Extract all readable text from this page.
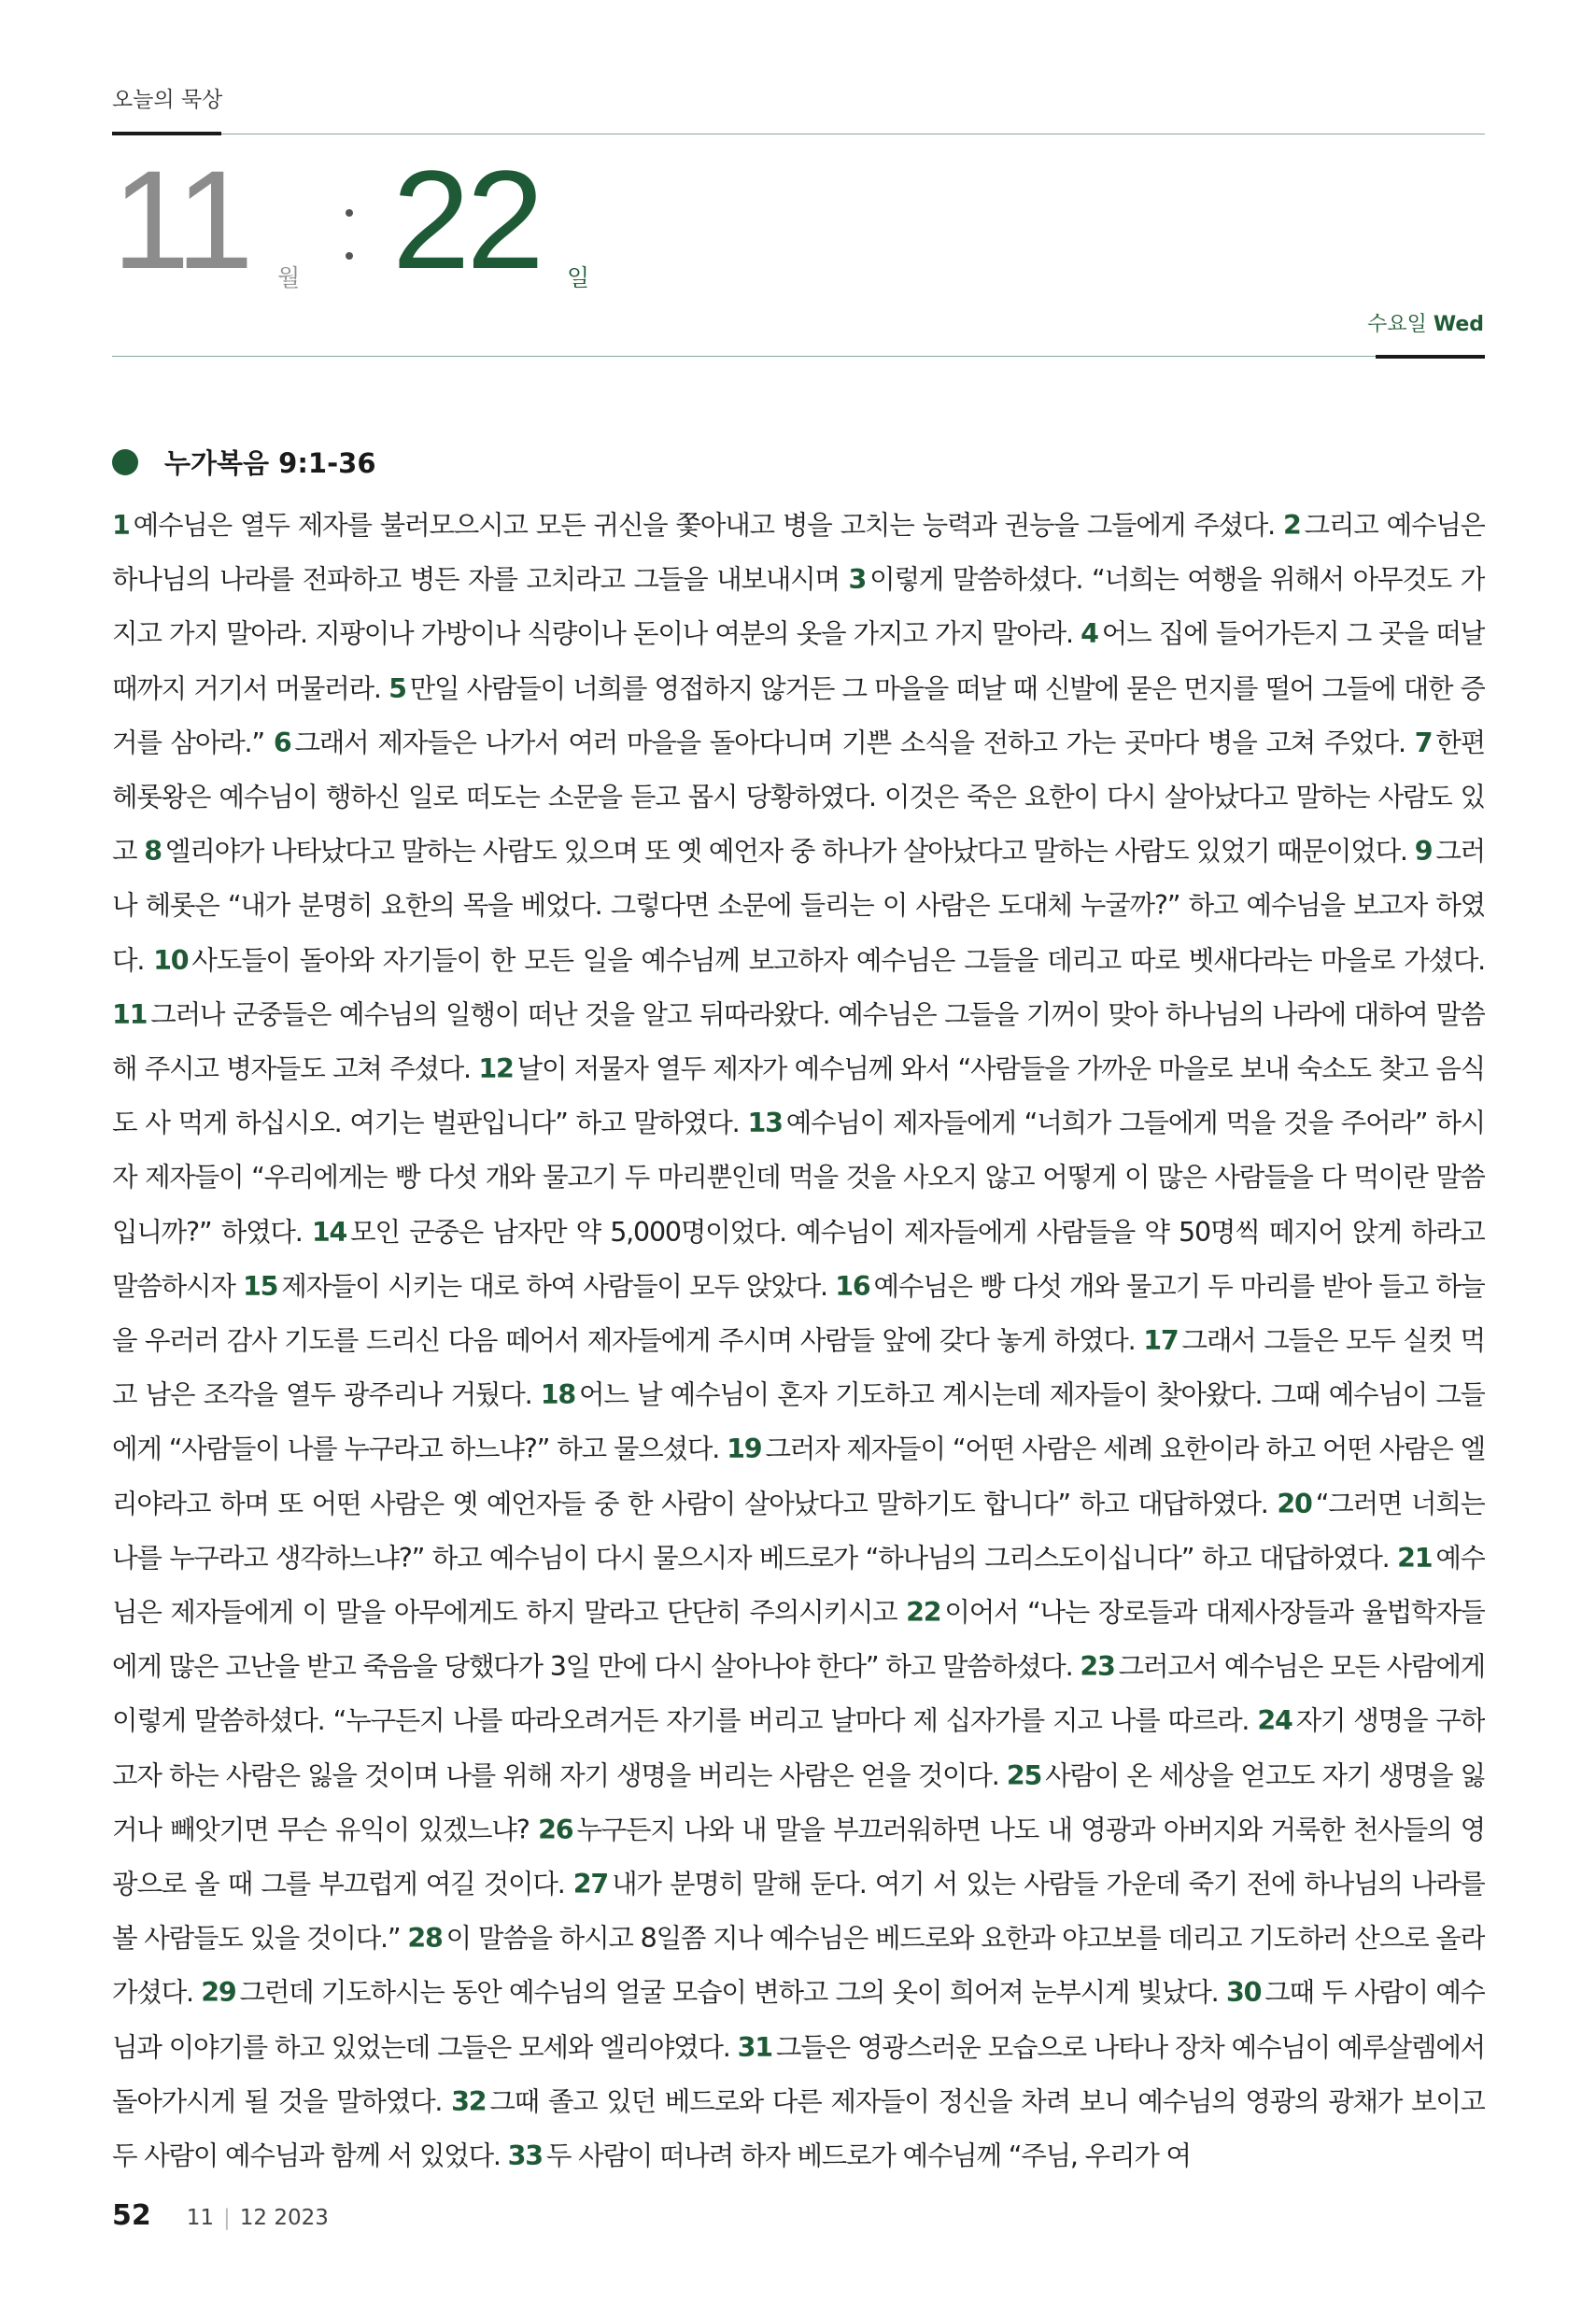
오늘의 묵상
11 월 22 일
수요일 Wed
누가복음 9:1-36
1 예수님은 열두 제자를 불러모으시고 모든 귀신을 쫓아내고 병을 고치는 능력과 권능을 그들에게 주셨다. 2 그리고 예수님은 하나님의 나라를 전파하고 병든 자를 고치라고 그들을 내보내시며 3 이렇게 말씀하셨다. “너희는 여행을 위해서 아무것도 가지고 가지 말아라. 지팡이나 가방이나 식량이나 돈이나 여분의 옷을 가지고 가지 말아라. 4 어느 집에 들어가든지 그 곳을 떠날 때까지 거기서 머물러라. 5 만일 사람들이 너희를 영접하지 않거든 그 마을을 떠날 때 신발에 묻은 먼지를 떨어 그들에 대한 증거를 삼아라.” 6 그래서 제자들은 나가서 여러 마을을 돌아다니며 기쁜 소식을 전하고 가는 곳마다 병을 고쳐 주었다. 7 한편 헤롯왕은 예수님이 행하신 일로 떠도는 소문을 듣고 몹시 당황하였다. 이것은 죽은 요한이 다시 살아났다고 말하는 사람도 있고 8 엘리야가 나타났다고 말하는 사람도 있으며 또 옛 예언자 중 하나가 살아났다고 말하는 사람도 있었기 때문이었다. 9 그러나 헤롯은 “내가 분명히 요한의 목을 베었다. 그렇다면 소문에 들리는 이 사람은 도대체 누굴까?” 하고 예수님을 보고자 하였다. 10 사도들이 돌아와 자기들이 한 모든 일을 예수님께 보고하자 예수님은 그들을 데리고 따로 벳새다라는 마을로 가셨다. 11 그러나 군중들은 예수님의 일행이 떠난 것을 알고 뒤따라왔다. 예수님은 그들을 기꺼이 맞아 하나님의 나라에 대하여 말씀해 주시고 병자들도 고쳐 주셨다. 12 날이 저물자 열두 제자가 예수님께 와서 “사람들을 가까운 마을로 보내 숙소도 찾고 음식도 사 먹게 하십시오. 여기는 벌판입니다” 하고 말하였다. 13 예수님이 제자들에게 “너희가 그들에게 먹을 것을 주어라” 하시자 제자들이 “우리에게는 빵 다섯 개와 물고기 두 마리뿐인데 먹을 것을 사오지 않고 어떻게 이 많은 사람들을 다 먹이란 말씀입니까?” 하였다. 14 모인 군중은 남자만 약 5,000명이었다. 예수님이 제자들에게 사람들을 약 50명씩 떼지어 앉게 하라고 말씀하시자 15 제자들이 시키는 대로 하여 사람들이 모두 앉았다. 16 예수님은 빵 다섯 개와 물고기 두 마리를 받아 들고 하늘을 우러러 감사 기도를 드리신 다음 떼어서 제자들에게 주시며 사람들 앞에 갖다 놓게 하였다. 17 그래서 그들은 모두 실컷 먹고 남은 조각을 열두 광주리나 거뒀다. 18 어느 날 예수님이 혼자 기도하고 계시는데 제자들이 찾아왔다. 그때 예수님이 그들에게 “사람들이 나를 누구라고 하느냐?” 하고 물으셨다. 19 그러자 제자들이 “어떤 사람은 세례 요한이라 하고 어떤 사람은 엘리야라고 하며 또 어떤 사람은 옛 예언자들 중 한 사람이 살아났다고 말하기도 합니다” 하고 대답하였다. 20 “그러면 너희는 나를 누구라고 생각하느냐?” 하고 예수님이 다시 물으시자 베드로가 “하나님의 그리스도이십니다” 하고 대답하였다. 21 예수님은 제자들에게 이 말을 아무에게도 하지 말라고 단단히 주의시키시고 22 이어서 “나는 장로들과 대제사장들과 율법학자들에게 많은 고난을 받고 죽음을 당했다가 3일 만에 다시 살아나야 한다” 하고 말씀하셨다. 23 그러고서 예수님은 모든 사람에게 이렇게 말씀하셨다. “누구든지 나를 따라오려거든 자기를 버리고 날마다 제 십자가를 지고 나를 따르라. 24 자기 생명을 구하고자 하는 사람은 잃을 것이며 나를 위해 자기 생명을 버리는 사람은 얻을 것이다. 25 사람이 온 세상을 얻고도 자기 생명을 잃거나 빼앗기면 무슨 유익이 있겠느냐? 26 누구든지 나와 내 말을 부끄러워하면 나도 내 영광과 아버지와 거룩한 천사들의 영광으로 올 때 그를 부끄럽게 여길 것이다. 27 내가 분명히 말해 둔다. 여기 서 있는 사람들 가운데 죽기 전에 하나님의 나라를 볼 사람들도 있을 것이다.” 28 이 말씀을 하시고 8일쯤 지나 예수님은 베드로와 요한과 야고보를 데리고 기도하러 산으로 올라가셨다. 29 그런데 기도하시는 동안 예수님의 얼굴 모습이 변하고 그의 옷이 희어져 눈부시게 빛났다. 30 그때 두 사람이 예수님과 이야기를 하고 있었는데 그들은 모세와 엘리야였다. 31 그들은 영광스러운 모습으로 나타나 장차 예수님이 예루살렘에서 돌아가시게 될 것을 말하였다. 32 그때 졸고 있던 베드로와 다른 제자들이 정신을 차려 보니 예수님의 영광의 광채가 보이고 두 사람이 예수님과 함께 서 있었다. 33 두 사람이 떠나려 하자 베드로가 예수님께 “주님, 우리가 여
52 11 | 12 2023
